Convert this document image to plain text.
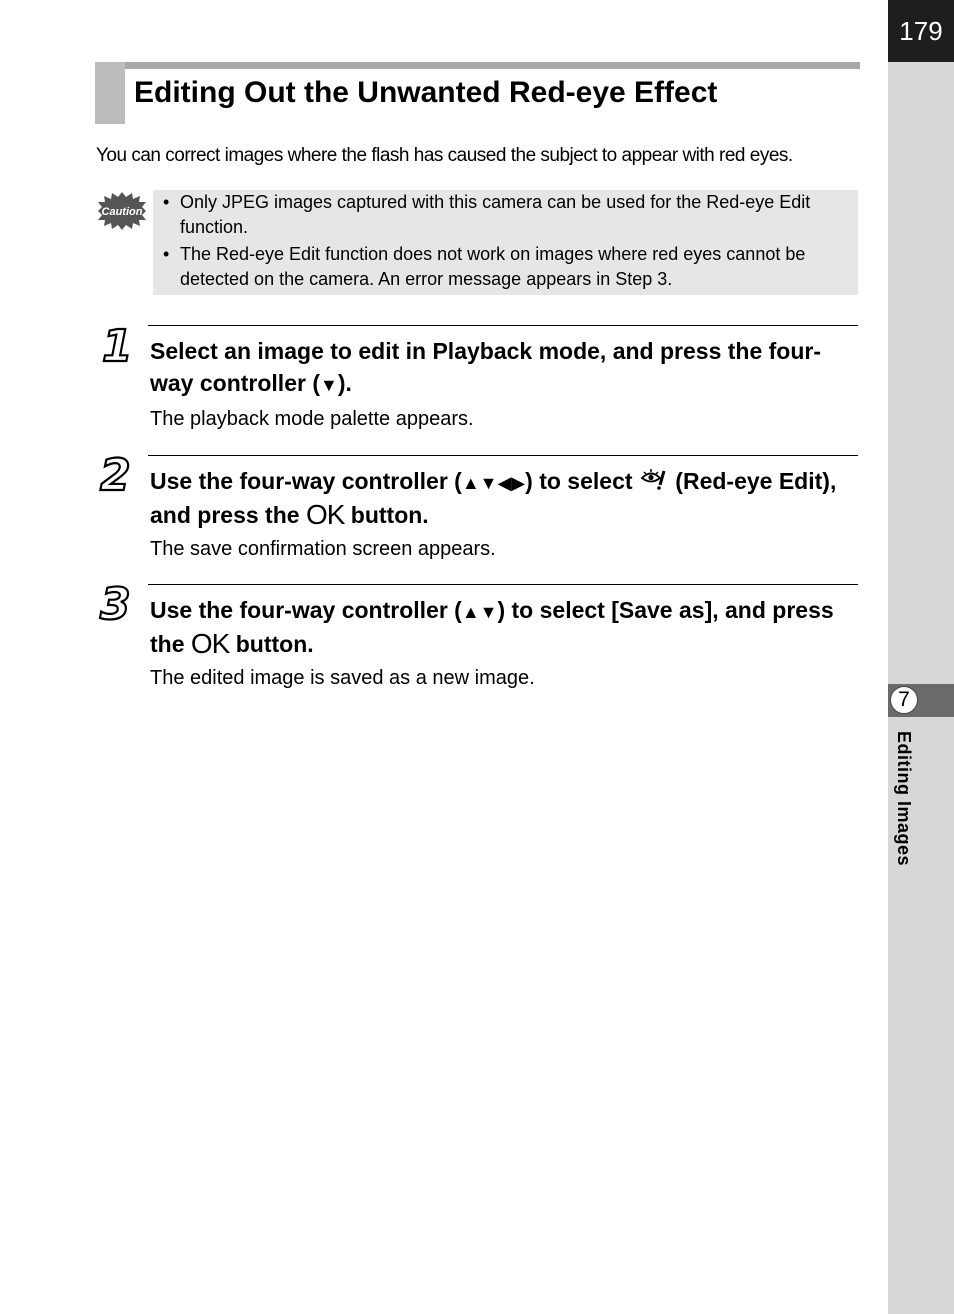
179
7
Editing Images
Editing Out the Unwanted Red-eye Effect

You can correct images where the flash has caused the subject to appear with red eyes.

Caution
•	Only JPEG images captured with this camera can be used for the Red-eye Edit function.
• The Red-eye Edit function does not work on images where red eyes cannot be detected on the camera. An error message appears in Step 3.
1 Select an image to edit in Playback mode, and press the four-way controller (▼).

The playback mode palette appears.

2 Use the four-way controller (▲▼◀▶) to select  (Red-eye Edit), and press the OK button.

The save confirmation screen appears.

3 Use the four-way controller (▲▼) to select [Save as], and press the OK button.

The edited image is saved as a new image.
